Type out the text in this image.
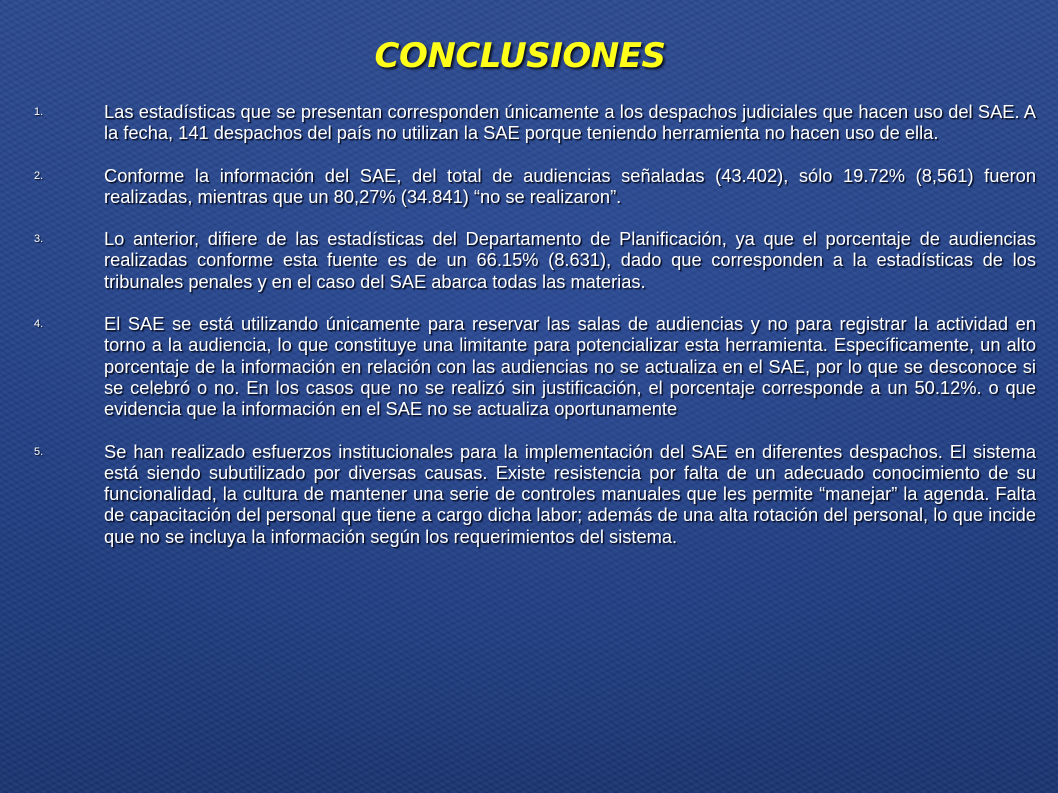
CONCLUSIONES
1.	Las estadísticas que se presentan corresponden únicamente a los despachos judiciales que hacen uso del SAE. A la fecha, 141 despachos del país no utilizan la SAE porque teniendo herramienta no hacen uso de ella.
2.	Conforme la información del SAE, del total de audiencias señaladas (43.402), sólo 19.72% (8,561) fueron realizadas, mientras que un 80,27% (34.841) “no se realizaron”.
3.	Lo anterior, difiere de las estadísticas del Departamento de Planificación, ya que el porcentaje de audiencias realizadas conforme esta fuente es de un 66.15% (8.631), dado que corresponden a la estadísticas de los tribunales penales y en el caso del SAE abarca todas las materias.
4.	El SAE se está utilizando únicamente para reservar las salas de audiencias y no para registrar la actividad en torno a la audiencia, lo que constituye una limitante para potencializar esta herramienta. Específicamente, un alto porcentaje de la información en relación con las audiencias no se actualiza en el SAE, por lo que se desconoce si se celebró o no. En los casos que no se realizó sin justificación, el porcentaje corresponde a un 50.12%. o que evidencia que la información en el SAE no se actualiza oportunamente
5.	Se han realizado esfuerzos institucionales para la implementación del SAE en diferentes despachos. El sistema está siendo subutilizado por diversas causas. Existe resistencia por falta de un adecuado conocimiento de su funcionalidad, la cultura de mantener una serie de controles manuales que les permite “manejar” la agenda. Falta de capacitación del personal que tiene a cargo dicha labor; además de una alta rotación del personal, lo que incide que no se incluya la información según los requerimientos del sistema.
